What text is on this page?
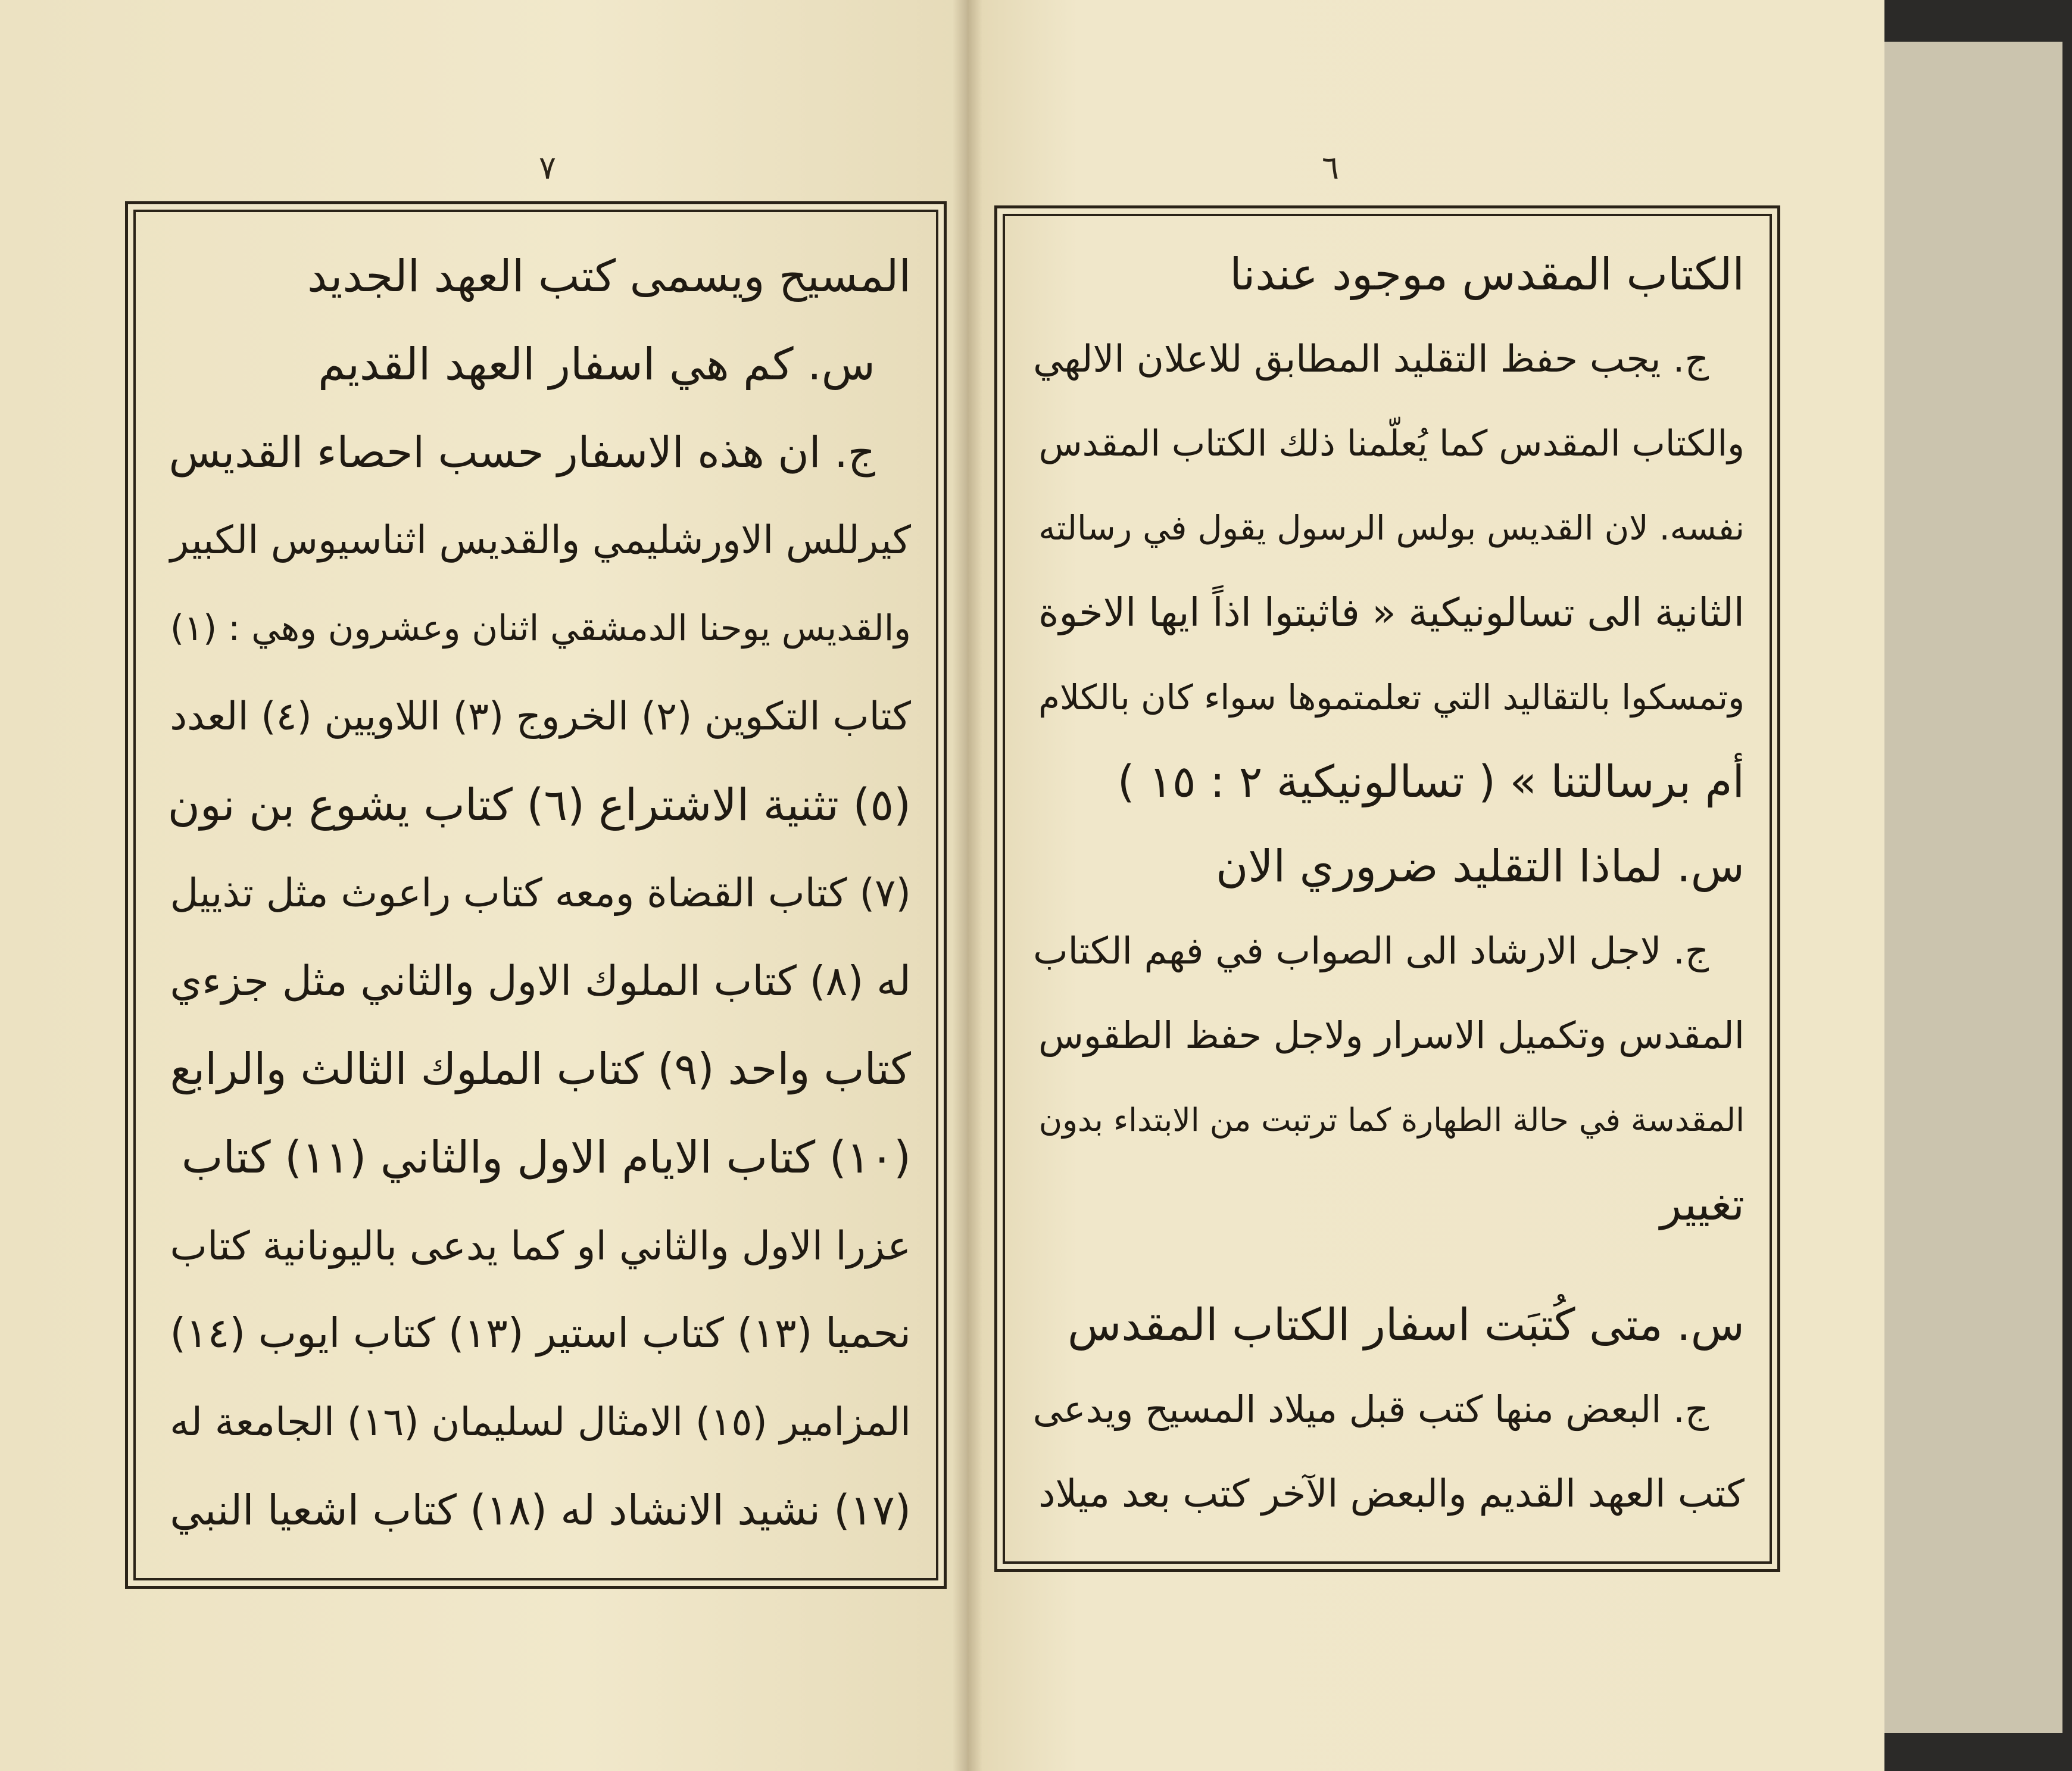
٧
المسيح ويسمى كتب العهد الجديد
س. كم هي اسفار العهد القديم
ج. ان هذه الاسفار حسب احصاء القديس
كيرللس الاورشليمي والقديس اثناسيوس الكبير
والقديس يوحنا الدمشقي اثنان وعشرون وهي : (١)
كتاب التكوين (٢) الخروج (٣) اللاويين (٤) العدد
(٥) تثنية الاشتراع (٦) كتاب يشوع بن نون
(٧) كتاب القضاة ومعه كتاب راعوث مثل تذييل
له (٨) كتاب الملوك الاول والثاني مثل جزءي
كتاب واحد (٩) كتاب الملوك الثالث والرابع
(١٠) كتاب الايام الاول والثاني (١١) كتاب
عزرا الاول والثاني او كما يدعى باليونانية كتاب
نحميا (١٣) كتاب استير (١٣) كتاب ايوب (١٤)
المزامير (١٥) الامثال لسليمان (١٦) الجامعة له
(١٧) نشيد الانشاد له (١٨) كتاب اشعيا النبي
٦
الكتاب المقدس موجود عندنا
ج. يجب حفظ التقليد المطابق للاعلان الالهي
والكتاب المقدس كما يُعلّمنا ذلك الكتاب المقدس
نفسه. لان القديس بولس الرسول يقول في رسالته
الثانية الى تسالونيكية « فاثبتوا اذاً ايها الاخوة
وتمسكوا بالتقاليد التي تعلمتموها سواء كان بالكلام
أم برسالتنا » ( تسالونيكية ٢ : ١٥ )
س. لماذا التقليد ضروري الان
ج. لاجل الارشاد الى الصواب في فهم الكتاب
المقدس وتكميل الاسرار ولاجل حفظ الطقوس
المقدسة في حالة الطهارة كما ترتبت من الابتداء بدون
تغيير
س. متى كُتبَت اسفار الكتاب المقدس
ج. البعض منها كتب قبل ميلاد المسيح ويدعى
كتب العهد القديم والبعض الآخر كتب بعد ميلاد
